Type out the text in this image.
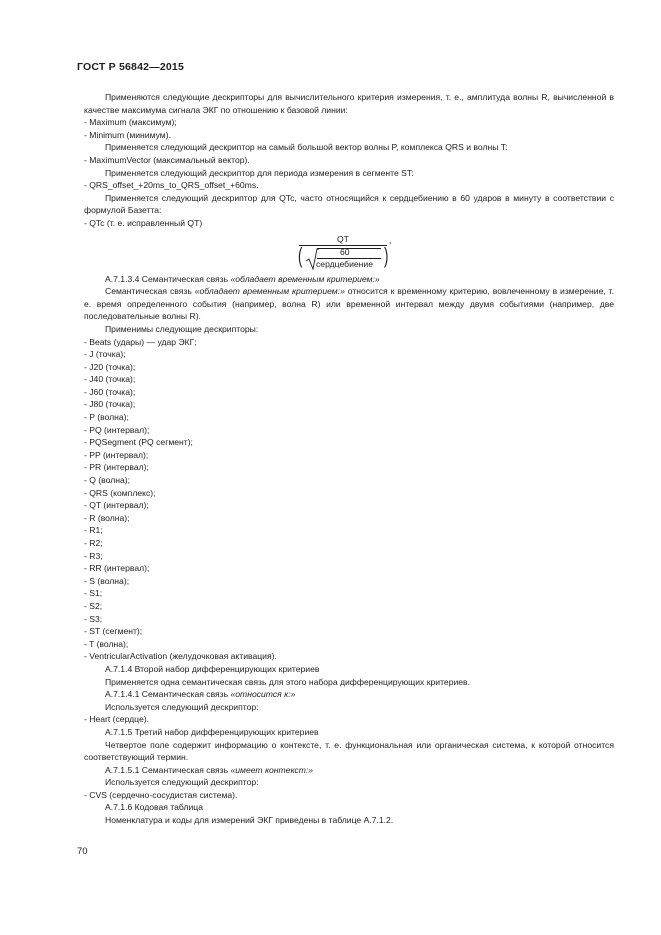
ГОСТ Р 56842—2015

Применяются следующие дескрипторы для вычислительного критерия измерения, т. е., амплитуда волны R, вычисленной в качестве максимума сигнала ЭКГ по отношению к базовой линии:

- Maximum (максимум);

- Minimum (минимум).

Применяется следующий дескриптор на самый большой вектор волны P, комплекса QRS и волны T:

- MaximumVector (максимальный вектор).

Применяется следующий дескриптор для периода измерения в сегменте ST:

- QRS_offset_+20ms_to_QRS_offset_+60ms.

Применяется следующий дескриптор для QTc, часто относящийся к сердцебиению в 60 ударов в минуту в соответствии с формулой Базетта:

- QTc (т. е. исправленный QT)

QT	,
(	60
сердцебиение )

А.7.1.3.4 Семантическая связь «обладает временным критерием:»

Семантическая связь «обладает временным критерием:» относится к временному критерию, вовлеченному в измерение, т. е. время определенного события (например, волна R) или временной интервал между двумя событиями (например, две последовательные волны R).

Применимы следующие дескрипторы:

- Beats (удары) — удар ЭКГ;

- J (точка);

- J20 (точка);

- J40 (точка);

- J60 (точка);

- J80 (точка);

- P (волна);

- PQ (интервал);

- PQSegment (PQ сегмент);

- PP (интервал);

- PR (интервал);

- Q (волна);

- QRS (комплекс);

- QT (интервал);

- R (волна);

- R1;

- R2;

- R3;

- RR (интервал);

- S (волна);

- S1;

- S2;

- S3;

- ST (сегмент);

- T (волна);

- VentricularActivation (желудочковая активация).

А.7.1.4 Второй набор дифференцирующих критериев

Применяется одна семантическая связь для этого набора дифференцирующих критериев.

А.7.1.4.1 Семантическая связь «относится к:»

Используется следующий дескриптор:

- Heart (сердце).

А.7.1.5 Третий набор дифференцирующих критериев

Четвертое поле содержит информацию о контексте, т. е. функциональная или органическая система, к которой относится соответствующий термин.

А.7.1.5.1 Семантическая связь «имеет контекст:»

Используется следующий дескриптор:

- CVS (сердечно-сосудистая система).

А.7.1.6 Кодовая таблица

Номенклатура и коды для измерений ЭКГ приведены в таблице А.7.1.2.

70
